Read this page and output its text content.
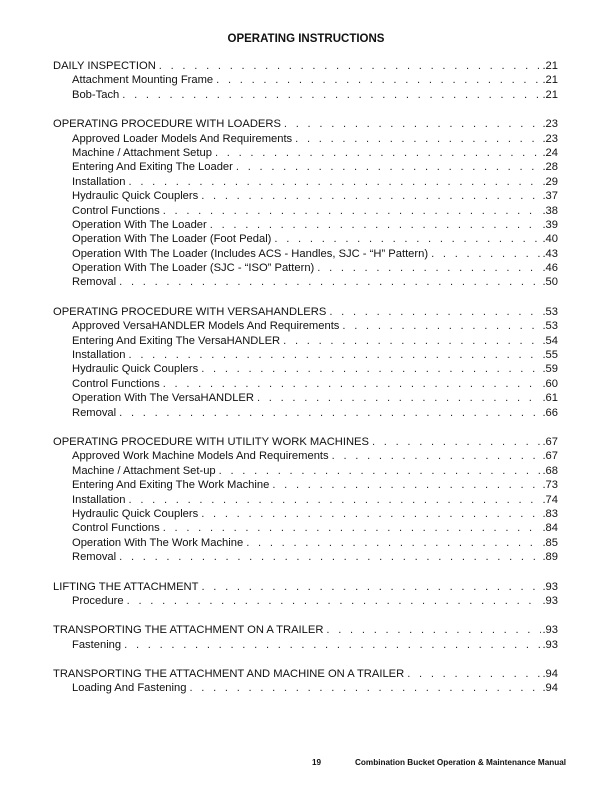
OPERATING INSTRUCTIONS
DAILY INSPECTION . . .	.21
Attachment Mounting Frame . . .	.21
Bob-Tach . . .	.21
OPERATING PROCEDURE WITH LOADERS . . .	.23
Approved Loader Models And Requirements . . .	.23
Machine / Attachment Setup . . .	.24
Entering And Exiting The Loader . . .	.28
Installation . . .	.29
Hydraulic Quick Couplers . . .	.37
Control Functions . . .	.38
Operation With The Loader . . .	.39
Operation With The Loader (Foot Pedal) . . .	.40
Operation WIth The Loader (Includes ACS - Handles, SJC - “H” Pattern) . . .	.43
Operation With The Loader (SJC - “ISO” Pattern) . . .	.46
Removal . . .	.50
OPERATING PROCEDURE WITH VERSAHANDLERS . . .	.53
Approved VersaHANDLER Models And Requirements . . .	.53
Entering And Exiting The VersaHANDLER . . .	.54
Installation . . .	.55
Hydraulic Quick Couplers . . .	.59
Control Functions . . .	.60
Operation With The VersaHANDLER . . .	.61
Removal . . .	.66
OPERATING PROCEDURE WITH UTILITY WORK MACHINES . . .	.67
Approved Work Machine Models And Requirements . . .	.67
Machine / Attachment Set-up . . .	.68
Entering And Exiting The Work Machine . . .	.73
Installation . . .	.74
Hydraulic Quick Couplers . . .	.83
Control Functions . . .	.84
Operation With The Work Machine . . .	.85
Removal . . .	.89
LIFTING THE ATTACHMENT . . .	.93
Procedure . . .	.93
TRANSPORTING THE ATTACHMENT ON A TRAILER . . .	.93
Fastening . . .	.93
TRANSPORTING THE ATTACHMENT AND MACHINE ON A TRAILER . . .	.94
Loading And Fastening . . .	.94
19	Combination Bucket Operation & Maintenance Manual
